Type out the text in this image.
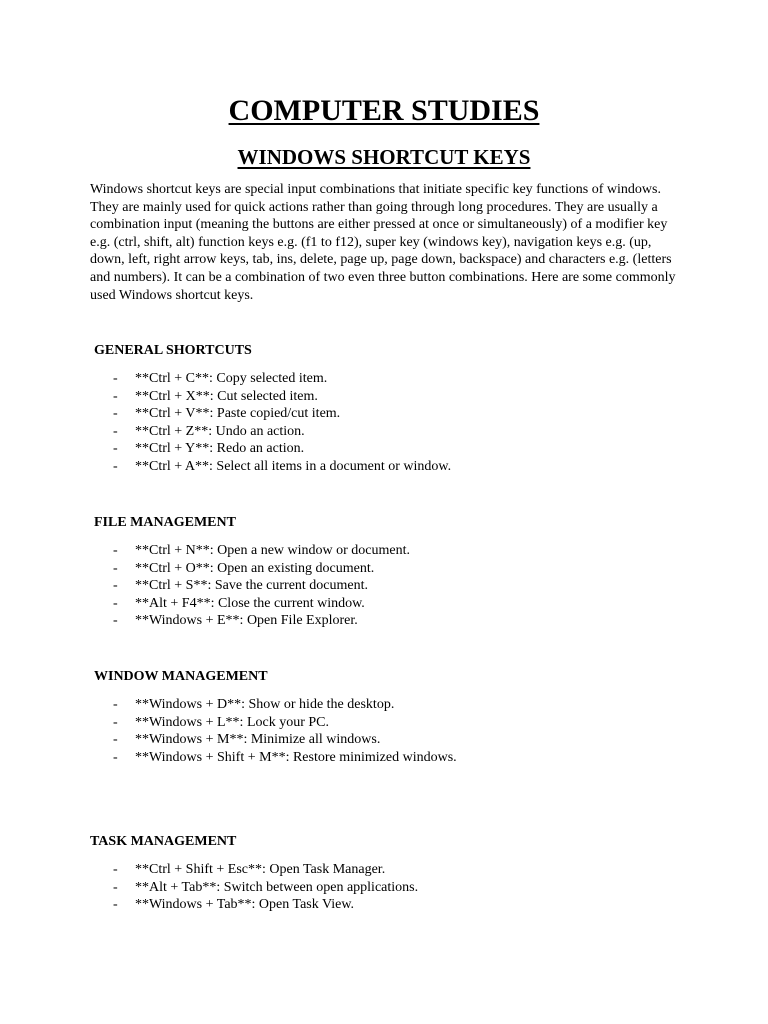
COMPUTER STUDIES
WINDOWS SHORTCUT KEYS

Windows shortcut keys are special input combinations that initiate specific key functions of windows. They are mainly used for quick actions rather than going through long procedures. They are usually a combination input (meaning the buttons are either pressed at once or simultaneously) of a modifier key e.g. (ctrl, shift, alt) function keys e.g. (f1 to f12), super key (windows key), navigation keys e.g. (up, down, left, right arrow keys, tab, ins, delete, page up, page down, backspace) and characters e.g. (letters and numbers). It can be a combination of two even three button combinations. Here are some commonly used Windows shortcut keys.

GENERAL SHORTCUTS
- **Ctrl + C**: Copy selected item.
- **Ctrl + X**: Cut selected item.
- **Ctrl + V**: Paste copied/cut item.
- **Ctrl + Z**: Undo an action.
- **Ctrl + Y**: Redo an action.
- **Ctrl + A**: Select all items in a document or window.
FILE MANAGEMENT
- **Ctrl + N**: Open a new window or document.
- **Ctrl + O**: Open an existing document.
- **Ctrl + S**: Save the current document.
- **Alt + F4**: Close the current window.
- **Windows + E**: Open File Explorer.
WINDOW MANAGEMENT
- **Windows + D**: Show or hide the desktop.
- **Windows + L**: Lock your PC.
- **Windows + M**: Minimize all windows.
- **Windows + Shift + M**: Restore minimized windows.
TASK MANAGEMENT
- **Ctrl + Shift + Esc**: Open Task Manager.
- **Alt + Tab**: Switch between open applications.
- **Windows + Tab**: Open Task View.
